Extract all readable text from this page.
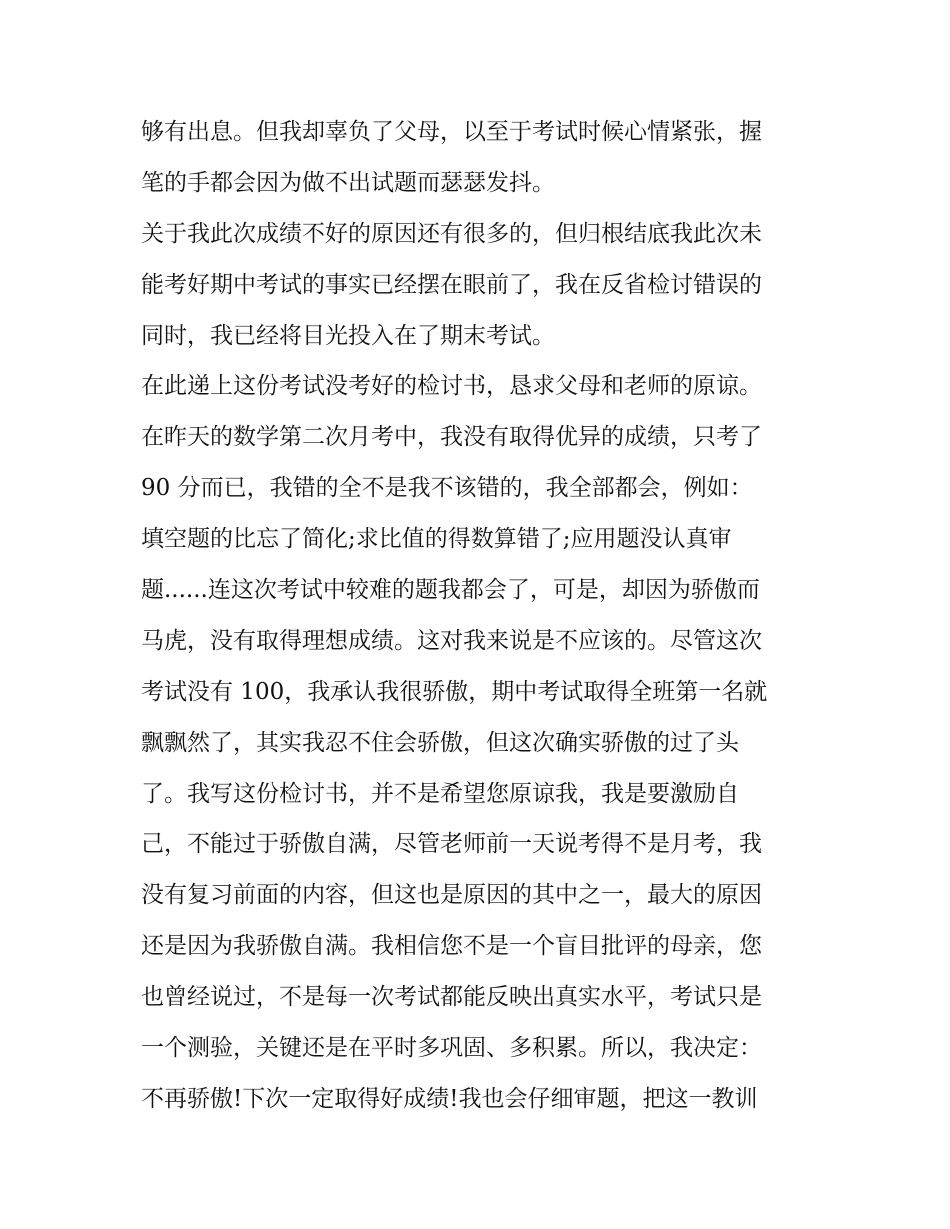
够有出息。但我却辜负了父母，以至于考试时候心情紧张，握

笔的手都会因为做不出试题而瑟瑟发抖。

关于我此次成绩不好的原因还有很多的，但归根结底我此次未

能考好期中考试的事实已经摆在眼前了，我在反省检讨错误的

同时，我已经将目光投入在了期末考试。

在此递上这份考试没考好的检讨书，恳求父母和老师的原谅。

在昨天的数学第二次月考中，我没有取得优异的成绩，只考了

90 分而已，我错的全不是我不该错的，我全部都会，例如：

填空题的比忘了简化;求比值的得数算错了;应用题没认真审

题......连这次考试中较难的题我都会了，可是，却因为骄傲而

马虎，没有取得理想成绩。这对我来说是不应该的。尽管这次

考试没有 100，我承认我很骄傲，期中考试取得全班第一名就

飘飘然了，其实我忍不住会骄傲，但这次确实骄傲的过了头

了。我写这份检讨书，并不是希望您原谅我，我是要激励自

己，不能过于骄傲自满，尽管老师前一天说考得不是月考，我

没有复习前面的内容，但这也是原因的其中之一，最大的原因

还是因为我骄傲自满。我相信您不是一个盲目批评的母亲，您

也曾经说过，不是每一次考试都能反映出真实水平，考试只是

一个测验，关键还是在平时多巩固、多积累。所以，我决定：

不再骄傲!下次一定取得好成绩!我也会仔细审题，把这一教训
